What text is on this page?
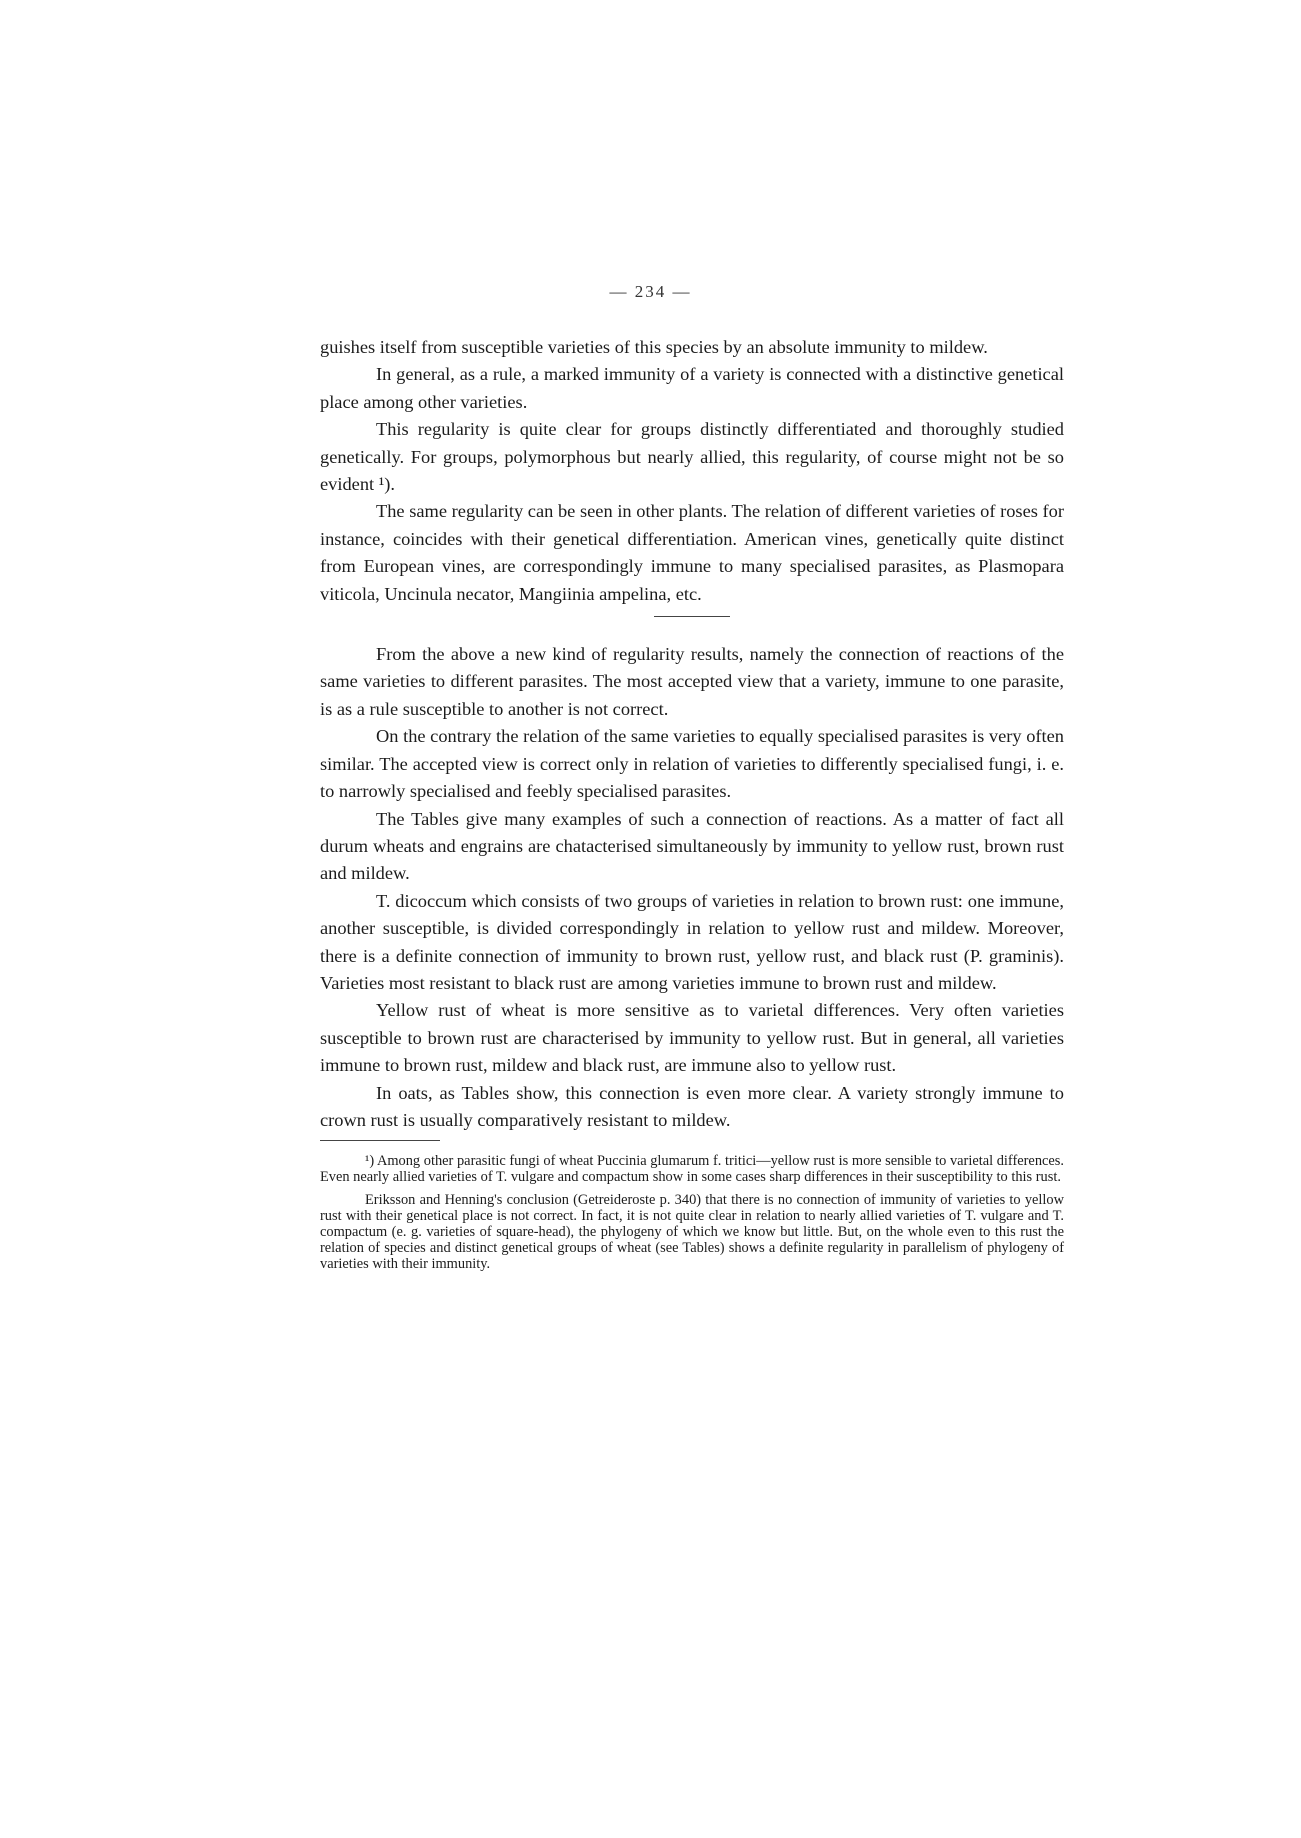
— 234 —

guishes itself from susceptible varieties of this species by an absolute immunity to mildew.

In general, as a rule, a marked immunity of a variety is connected with a distinctive genetical place among other varieties.

This regularity is quite clear for groups distinctly differentiated and thoroughly studied genetically. For groups, polymorphous but nearly allied, this regularity, of course might not be so evident ¹).

The same regularity can be seen in other plants. The relation of different varieties of roses for instance, coincides with their genetical differentiation. American vines, genetically quite distinct from European vines, are correspondingly immune to many specialised parasites, as Plasmopara viticola, Uncinula necator, Mangiinia ampelina, etc.

From the above a new kind of regularity results, namely the connection of reactions of the same varieties to different parasites. The most accepted view that a variety, immune to one parasite, is as a rule susceptible to another is not correct.

On the contrary the relation of the same varieties to equally specialised parasites is very often similar. The accepted view is correct only in relation of varieties to differently specialised fungi, i. e. to narrowly specialised and feebly specialised parasites.

The Tables give many examples of such a connection of reactions. As a matter of fact all durum wheats and engrains are chatacterised simultaneously by immunity to yellow rust, brown rust and mildew.

T. dicoccum which consists of two groups of varieties in relation to brown rust: one immune, another susceptible, is divided correspondingly in relation to yellow rust and mildew. Moreover, there is a definite connection of immunity to brown rust, yellow rust, and black rust (P. graminis). Varieties most resistant to black rust are among varieties immune to brown rust and mildew.

Yellow rust of wheat is more sensitive as to varietal differences. Very often varieties susceptible to brown rust are characterised by immunity to yellow rust. But in general, all varieties immune to brown rust, mildew and black rust, are immune also to yellow rust.

In oats, as Tables show, this connection is even more clear. A variety strongly immune to crown rust is usually comparatively resistant to mildew.

¹) Among other parasitic fungi of wheat Puccinia glumarum f. tritici—yellow rust is more sensible to varietal differences. Even nearly allied varieties of T. vulgare and compactum show in some cases sharp differences in their susceptibility to this rust.

Eriksson and Henning's conclusion (Getreideroste p. 340) that there is no connection of immunity of varieties to yellow rust with their genetical place is not correct. In fact, it is not quite clear in relation to nearly allied varieties of T. vulgare and T. compactum (e. g. varieties of square-head), the phylogeny of which we know but little. But, on the whole even to this rust the relation of species and distinct genetical groups of wheat (see Tables) shows a definite regularity in parallelism of phylogeny of varieties with their immunity.
